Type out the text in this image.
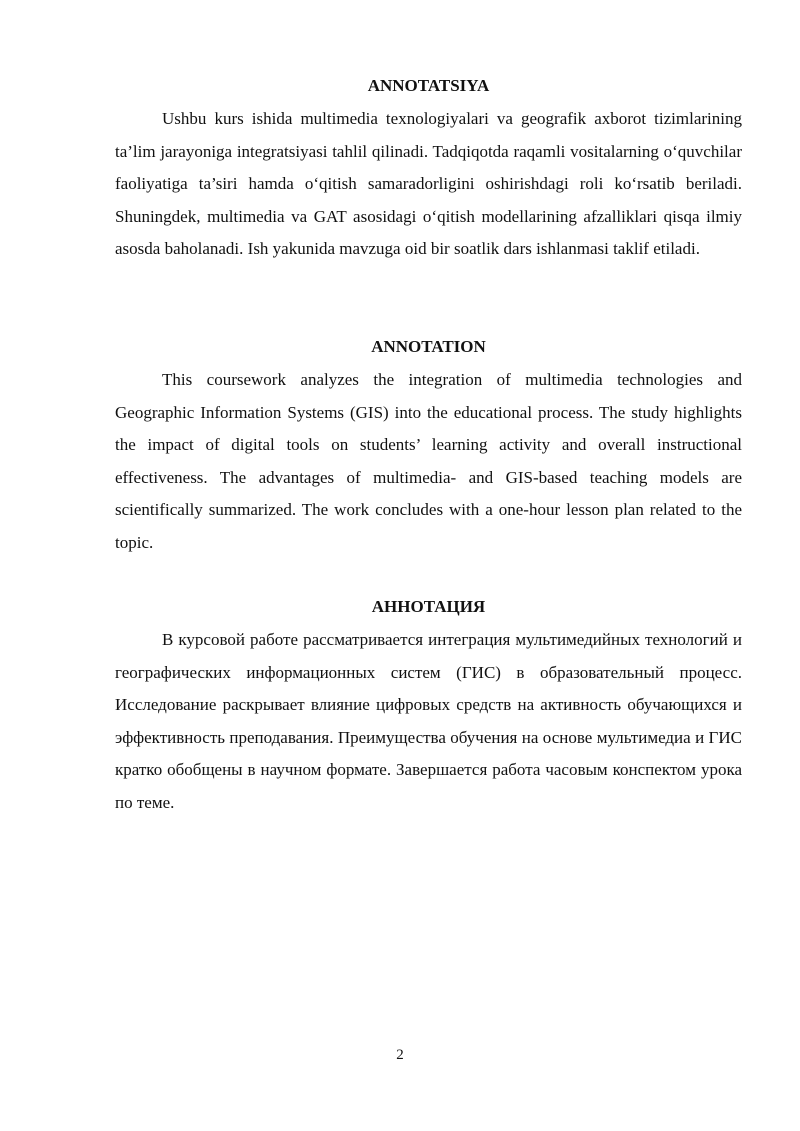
ANNOTATSIYA

Ushbu kurs ishida multimedia texnologiyalari va geografik axborot tizimlarining ta’lim jarayoniga integratsiyasi tahlil qilinadi. Tadqiqotda raqamli vositalarning o‘quvchilar faoliyatiga ta’siri hamda o‘qitish samaradorligini oshirishdagi roli ko‘rsatib beriladi. Shuningdek, multimedia va GAT asosidagi o‘qitish modellarining afzalliklari qisqa ilmiy asosda baholanadi. Ish yakunida mavzuga oid bir soatlik dars ishlanmasi taklif etiladi.

ANNOTATION

This coursework analyzes the integration of multimedia technologies and Geographic Information Systems (GIS) into the educational process. The study highlights the impact of digital tools on students’ learning activity and overall instructional effectiveness. The advantages of multimedia- and GIS-based teaching models are scientifically summarized. The work concludes with a one-hour lesson plan related to the topic.

АННОТАЦИЯ

В курсовой работе рассматривается интеграция мультимедийных технологий и географических информационных систем (ГИС) в образовательный процесс. Исследование раскрывает влияние цифровых средств на активность обучающихся и эффективность преподавания. Преимущества обучения на основе мультимедиа и ГИС кратко обобщены в научном формате. Завершается работа часовым конспектом урока по теме.

2
